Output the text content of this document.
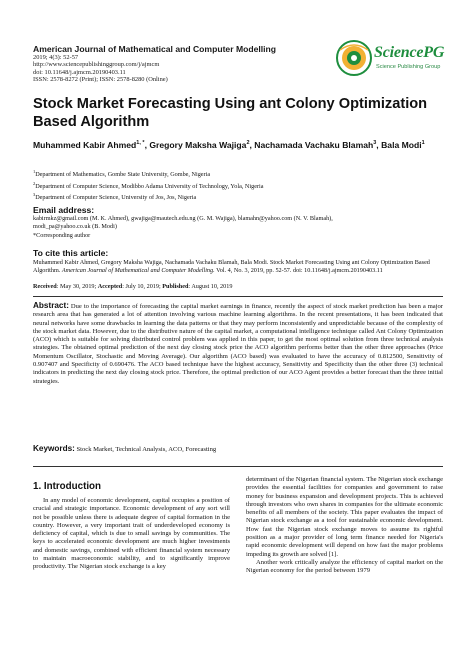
American Journal of Mathematical and Computer Modelling
2019; 4(3): 52-57
http://www.sciencepublishinggroup.com/j/ajmcm
doi: 10.11648/j.ajmcm.20190403.11
ISSN: 2578-8272 (Print); ISSN: 2578-8280 (Online)
SciencePG
Science Publishing Group
Stock Market Forecasting Using ant Colony Optimization Based Algorithm
Muhammed Kabir Ahmed$^{1, *}$, Gregory Maksha Wajiga$^2$, Nachamada Vachaku Blamah$^3$, Bala Modi$^1$
$^1$Department of Mathematics, Gombe State University, Gombe, Nigeria
$^2$Department of Computer Science, Modibbo Adama University of Technology, Yola, Nigeria
$^3$Department of Computer Science, University of Jos, Jos, Nigeria
Email address:
kabirmkz@gmail.com (M. K. Ahmed), gwajiga@mautech.edu.ng (G. M. Wajiga), blamahn@yahoo.com (N. V. Blamah),
modi_pa@yahoo.co.uk (B. Modi)
*Corresponding author
To cite this article:
Muhammed Kabir Ahmed, Gregory Maksha Wajiga, Nachamada Vachaku Blamah, Bala Modi. Stock Market Forecasting Using ant Colony Optimization Based Algorithm. American Journal of Mathematical and Computer Modelling. Vol. 4, No. 3, 2019, pp. 52-57. doi: 10.11648/j.ajmcm.20190403.11
Received: May 30, 2019; Accepted: July 10, 2019; Published: August 10, 2019
Abstract: Due to the importance of forecasting the capital market earnings in finance, recently the aspect of stock market prediction has been a major research area that has generated a lot of attention involving various machine learning algorithms. In the recent presentations, it has been indicated that neural networks have some drawbacks in learning the data patterns or that they may perform inconsistently and unpredictable because of the complexity of the stock market data. However, due to the distributive nature of the capital market, a computational intelligence technique called Ant Colony Optimization (ACO) which is suitable for solving distributed control problem was applied in this paper, to get the most optimal solution from three technical analysis strategies. The obtained optimal prediction of the next day closing stock price the ACO algorithm performs better than the other three approaches (Price Momentum Oscillator, Stochastic and Moving Average). Our algorithm (ACO based) was evaluated to have the accuracy of 0.812500, Sensitivity of 0.907407 and Specificity of 0.690476. The ACO based technique have the highest accuracy, Sensitivity and Specificity than the other three (3) technical indicators in predicting the next day closing stock price. Therefore, the optimal prediction of our ACO Agent provides a better forecast than the three initial strategies.
Keywords: Stock Market, Technical Analysis, ACO, Forecasting
1. Introduction
In any model of economic development, capital occupies a position of crucial and strategic importance. Economic development of any sort will not be possible unless there is adequate degree of capital formation in the country. However, a very important trait of underdeveloped economy is deficiency of capital, which is due to small savings by communities. The keys to accelerated economic development are much higher investments and domestic savings, combined with efficient financial system necessary to maintain macroeconomic stability, and to significantly improve productivity. The Nigerian stock exchange is a key

determinant of the Nigerian financial system. The Nigerian stock exchange provides the essential facilities for companies and government to raise money for business expansion and development projects. This is achieved through investors who own shares in companies for the ultimate economic benefits of all members of the society. This paper evaluates the impact of Nigerian stock exchange as a tool for sustainable economic development. How fast the Nigerian stock exchange moves to assume its rightful position as a major provider of long term finance needed for Nigeria's rapid economic development will depend on how fast the major problems impeding its growth are solved [1].

Another work critically analyze the efficiency of capital market on the Nigerian economy for the period between 1979
